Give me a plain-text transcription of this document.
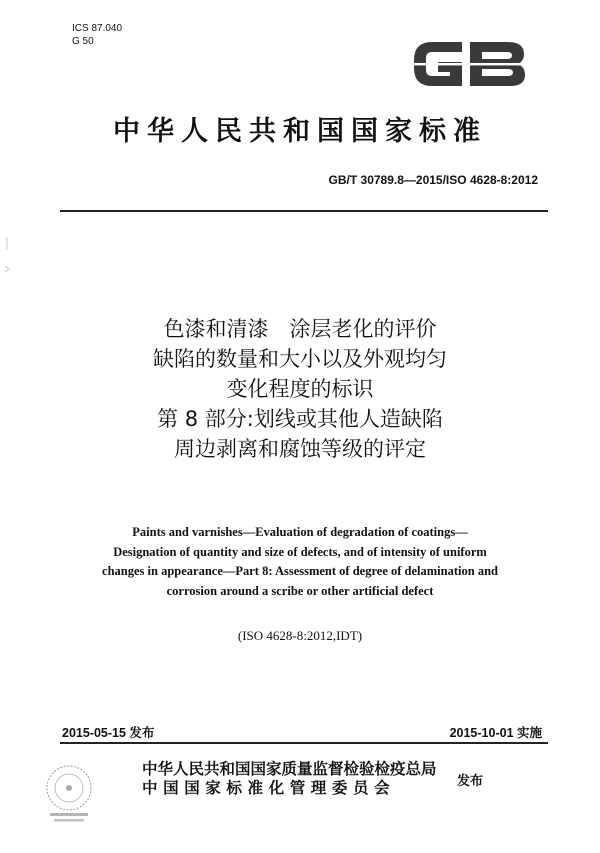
ICS 87.040
G 50
中华人民共和国国家标准
GB/T 30789.8—2015/ISO 4628-8:2012
色漆和清漆　涂层老化的评价
缺陷的数量和大小以及外观均匀
变化程度的标识
第 8 部分:划线或其他人造缺陷
周边剥离和腐蚀等级的评定
Paints and varnishes—Evaluation of degradation of coatings—
Designation of quantity and size of defects, and of intensity of uniform
changes in appearance—Part 8: Assessment of degree of delamination and
corrosion around a scribe or other artificial defect
(ISO 4628-8:2012,IDT)
2015-05-15 发布	2015-10-01 实施
中华人民共和国国家质量监督检验检疫总局
中国国家标准化管理委员会	发布
